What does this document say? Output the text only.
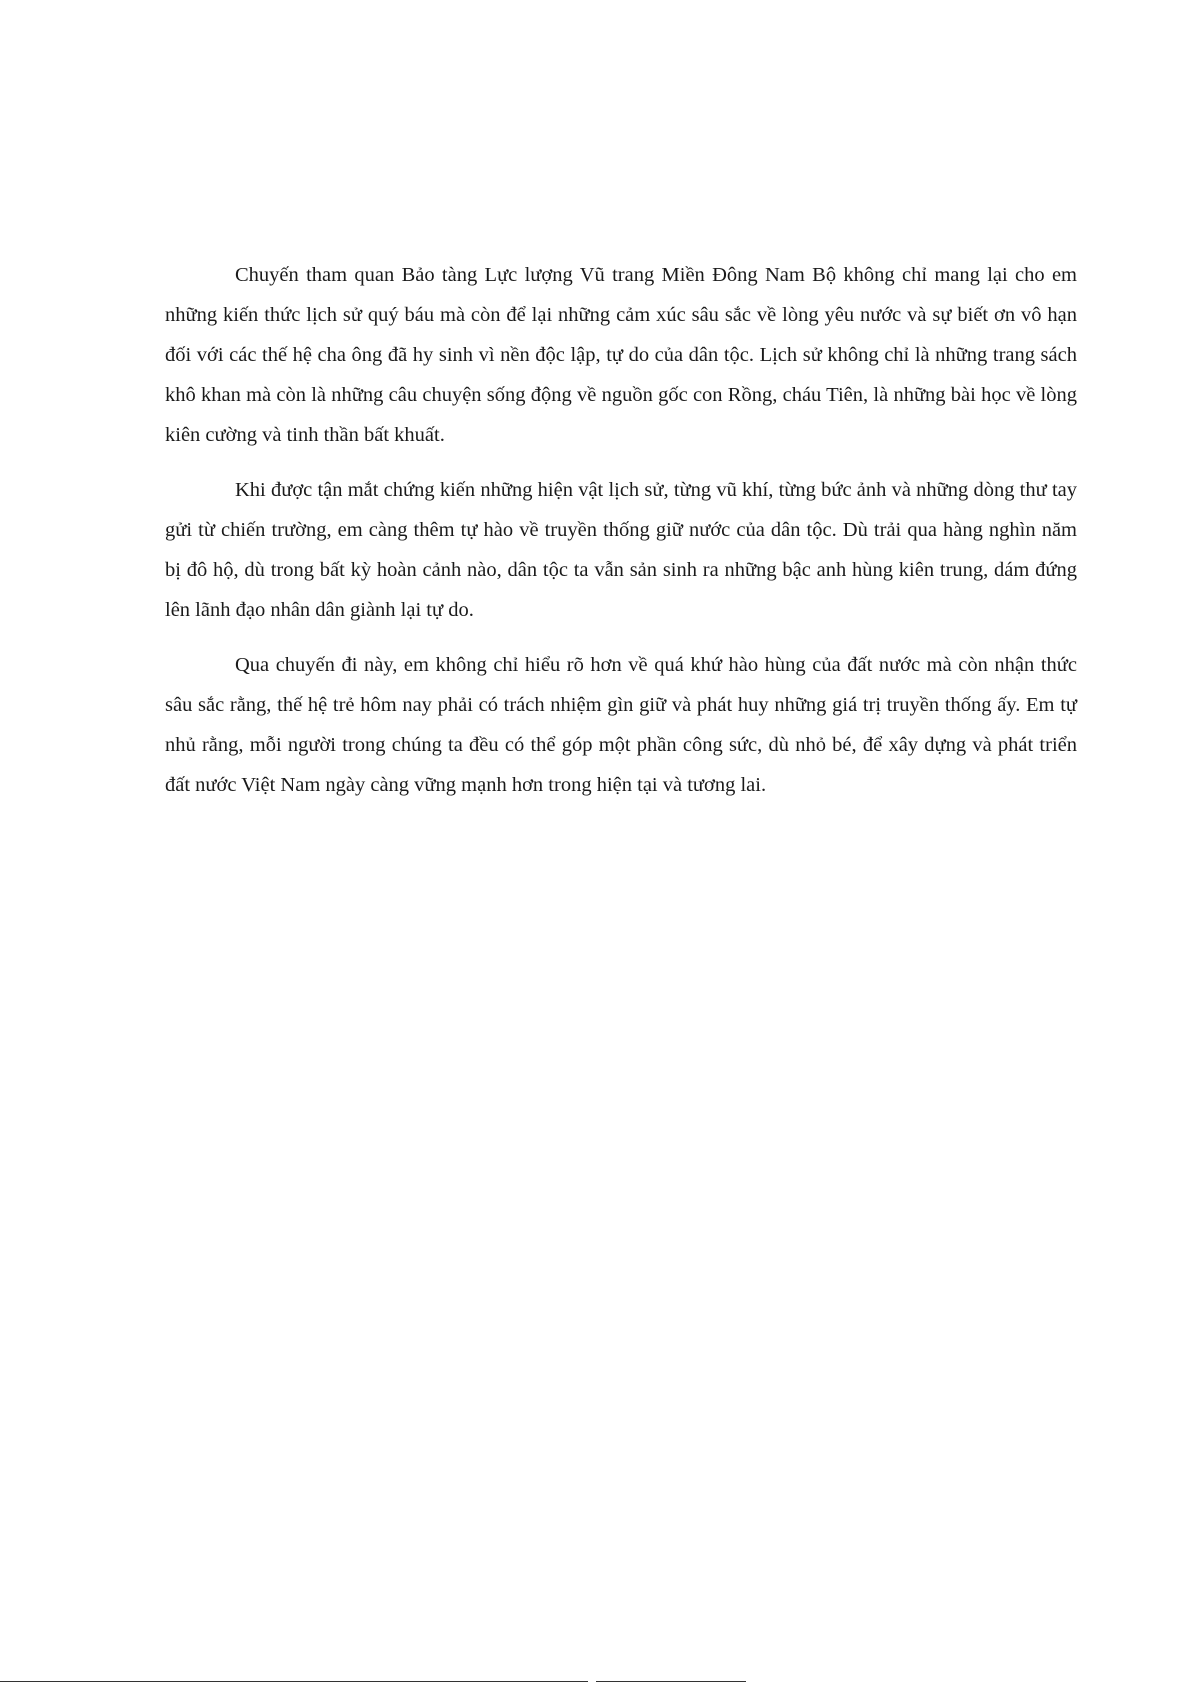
Chuyến tham quan Bảo tàng Lực lượng Vũ trang Miền Đông Nam Bộ không chỉ mang lại cho em những kiến thức lịch sử quý báu mà còn để lại những cảm xúc sâu sắc về lòng yêu nước và sự biết ơn vô hạn đối với các thế hệ cha ông đã hy sinh vì nền độc lập, tự do của dân tộc. Lịch sử không chỉ là những trang sách khô khan mà còn là những câu chuyện sống động về nguồn gốc con Rồng, cháu Tiên, là những bài học về lòng kiên cường và tinh thần bất khuất.

Khi được tận mắt chứng kiến những hiện vật lịch sử, từng vũ khí, từng bức ảnh và những dòng thư tay gửi từ chiến trường, em càng thêm tự hào về truyền thống giữ nước của dân tộc. Dù trải qua hàng nghìn năm bị đô hộ, dù trong bất kỳ hoàn cảnh nào, dân tộc ta vẫn sản sinh ra những bậc anh hùng kiên trung, dám đứng lên lãnh đạo nhân dân giành lại tự do.

Qua chuyến đi này, em không chỉ hiểu rõ hơn về quá khứ hào hùng của đất nước mà còn nhận thức sâu sắc rằng, thế hệ trẻ hôm nay phải có trách nhiệm gìn giữ và phát huy những giá trị truyền thống ấy. Em tự nhủ rằng, mỗi người trong chúng ta đều có thể góp một phần công sức, dù nhỏ bé, để xây dựng và phát triển đất nước Việt Nam ngày càng vững mạnh hơn trong hiện tại và tương lai.
